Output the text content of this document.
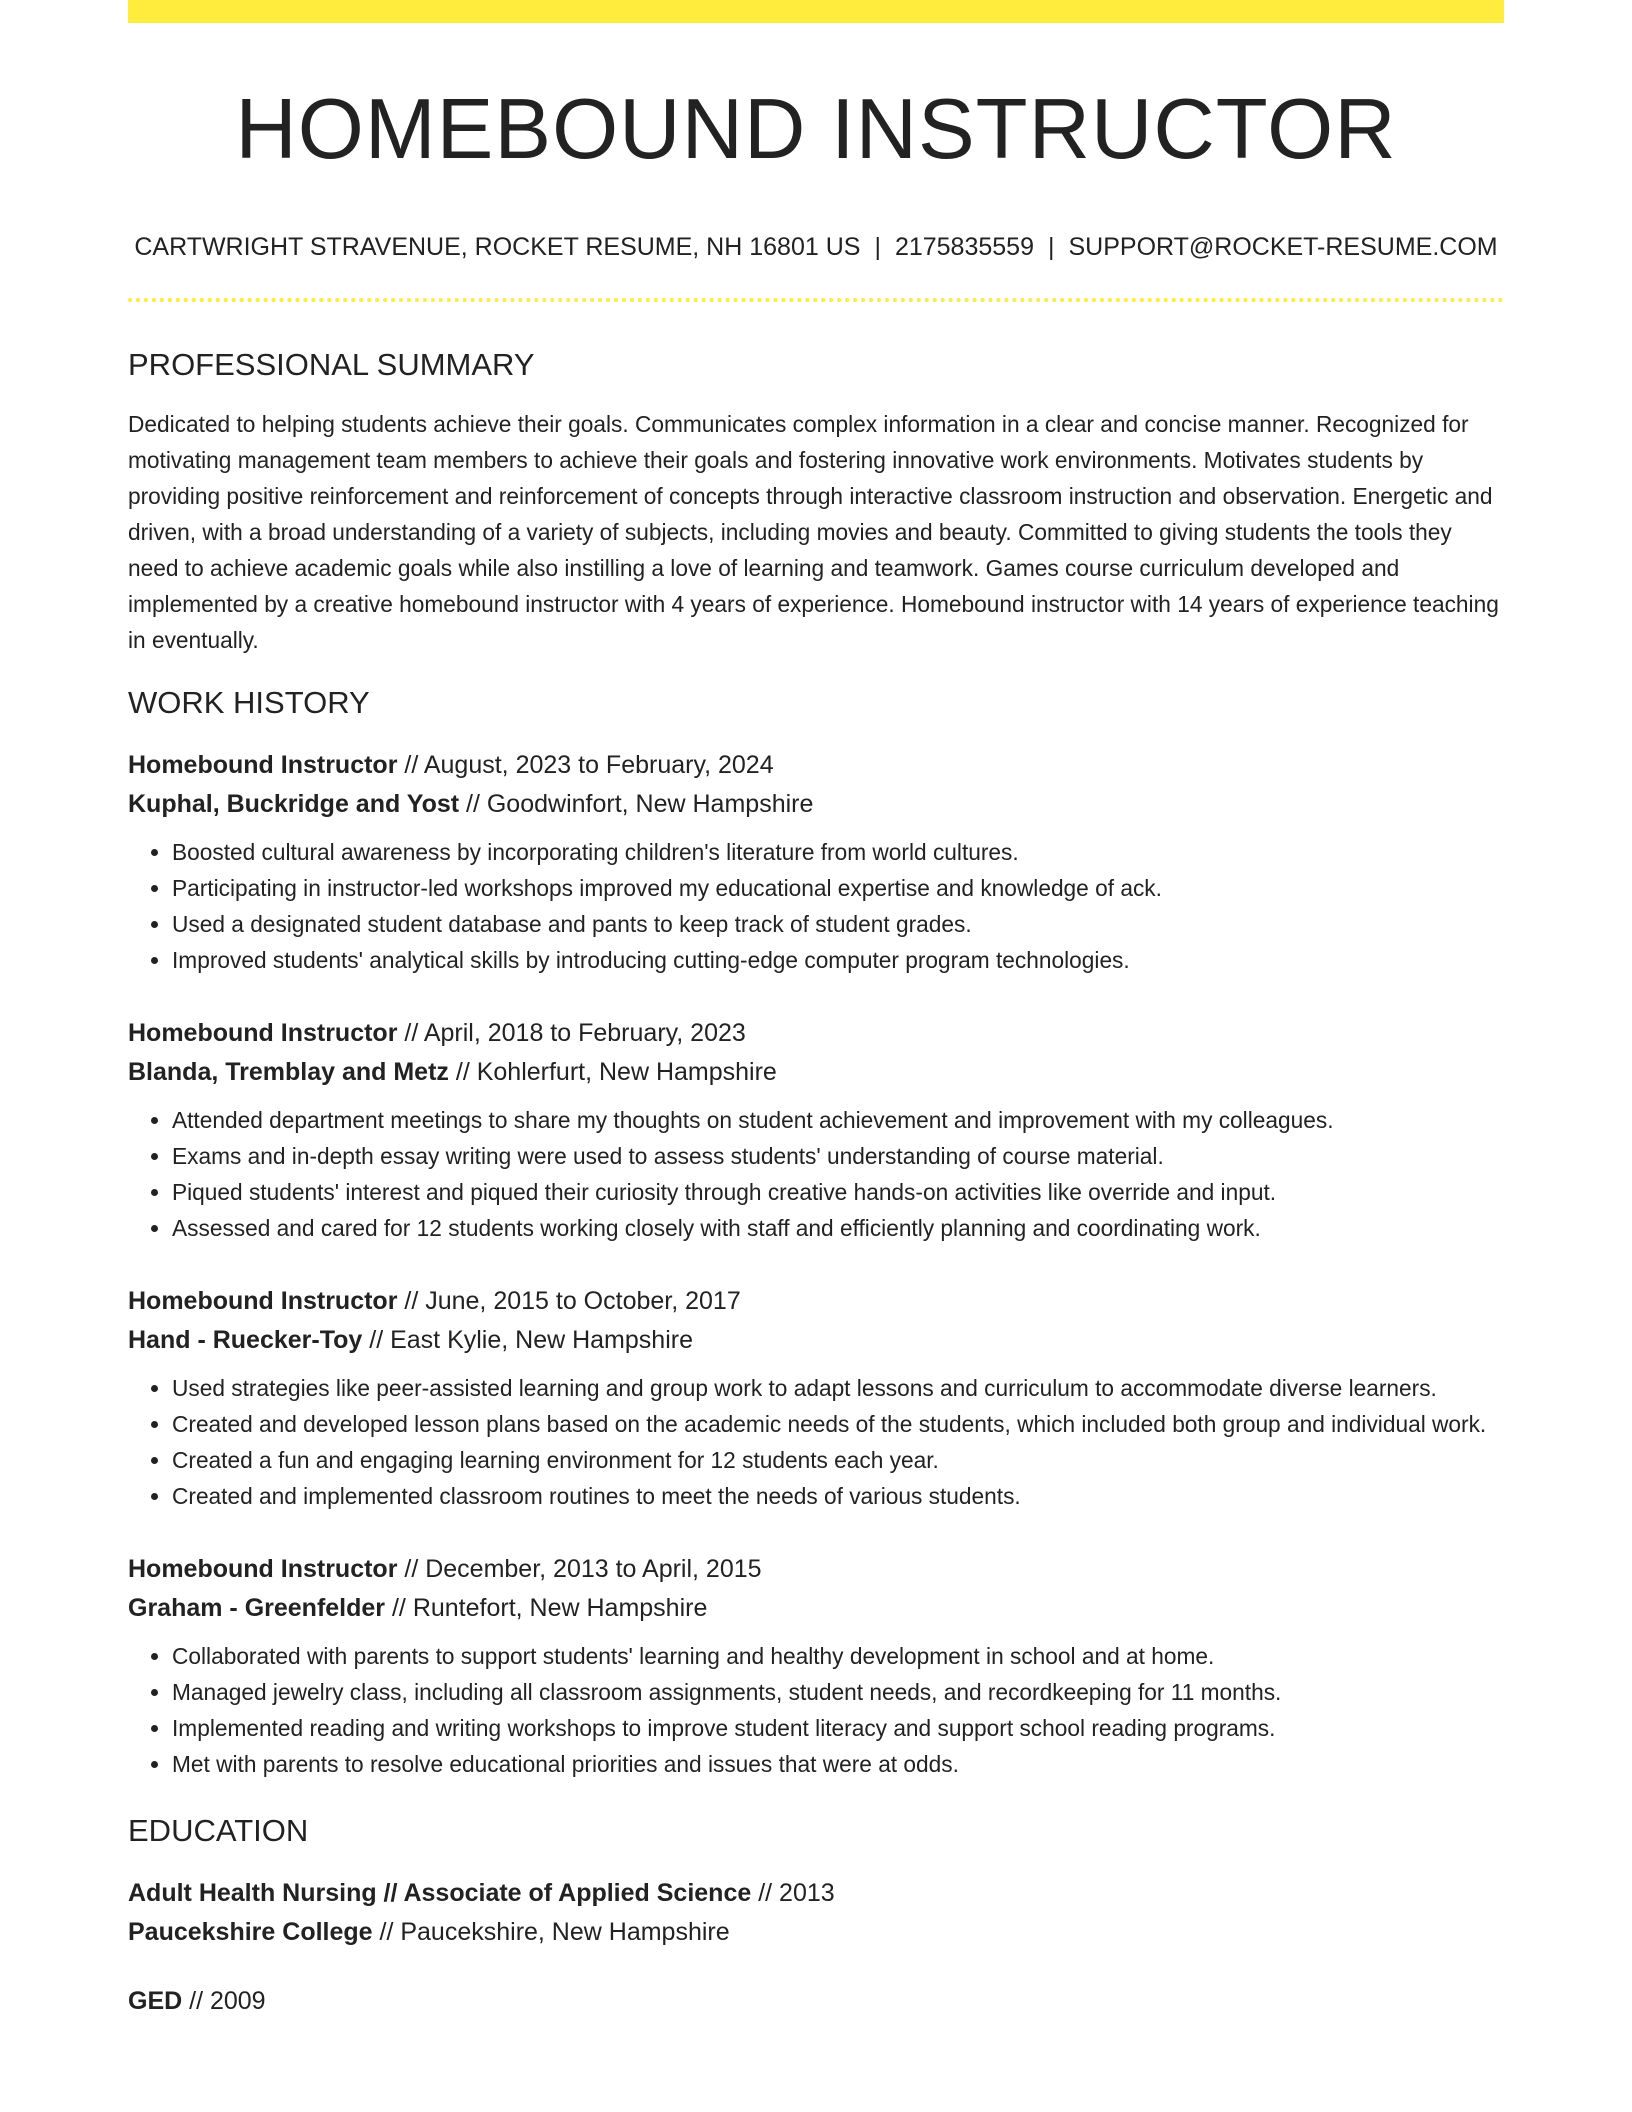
HOMEBOUND INSTRUCTOR
CARTWRIGHT STRAVENUE, ROCKET RESUME, NH 16801 US | 2175835559 | SUPPORT@ROCKET-RESUME.COM
PROFESSIONAL SUMMARY
Dedicated to helping students achieve their goals. Communicates complex information in a clear and concise manner. Recognized for motivating management team members to achieve their goals and fostering innovative work environments. Motivates students by providing positive reinforcement and reinforcement of concepts through interactive classroom instruction and observation. Energetic and driven, with a broad understanding of a variety of subjects, including movies and beauty. Committed to giving students the tools they need to achieve academic goals while also instilling a love of learning and teamwork. Games course curriculum developed and implemented by a creative homebound instructor with 4 years of experience. Homebound instructor with 14 years of experience teaching in eventually.
WORK HISTORY
Homebound Instructor // August, 2023 to February, 2024
Kuphal, Buckridge and Yost // Goodwinfort, New Hampshire
• Boosted cultural awareness by incorporating children's literature from world cultures.
• Participating in instructor-led workshops improved my educational expertise and knowledge of ack.
• Used a designated student database and pants to keep track of student grades.
• Improved students' analytical skills by introducing cutting-edge computer program technologies.
Homebound Instructor // April, 2018 to February, 2023
Blanda, Tremblay and Metz // Kohlerfurt, New Hampshire
• Attended department meetings to share my thoughts on student achievement and improvement with my colleagues.
• Exams and in-depth essay writing were used to assess students' understanding of course material.
• Piqued students' interest and piqued their curiosity through creative hands-on activities like override and input.
• Assessed and cared for 12 students working closely with staff and efficiently planning and coordinating work.
Homebound Instructor // June, 2015 to October, 2017
Hand - Ruecker-Toy // East Kylie, New Hampshire
• Used strategies like peer-assisted learning and group work to adapt lessons and curriculum to accommodate diverse learners.
• Created and developed lesson plans based on the academic needs of the students, which included both group and individual work.
• Created a fun and engaging learning environment for 12 students each year.
• Created and implemented classroom routines to meet the needs of various students.
Homebound Instructor // December, 2013 to April, 2015
Graham - Greenfelder // Runtefort, New Hampshire
• Collaborated with parents to support students' learning and healthy development in school and at home.
• Managed jewelry class, including all classroom assignments, student needs, and recordkeeping for 11 months.
• Implemented reading and writing workshops to improve student literacy and support school reading programs.
• Met with parents to resolve educational priorities and issues that were at odds.
EDUCATION
Adult Health Nursing // Associate of Applied Science // 2013
Paucekshire College // Paucekshire, New Hampshire
GED // 2009
